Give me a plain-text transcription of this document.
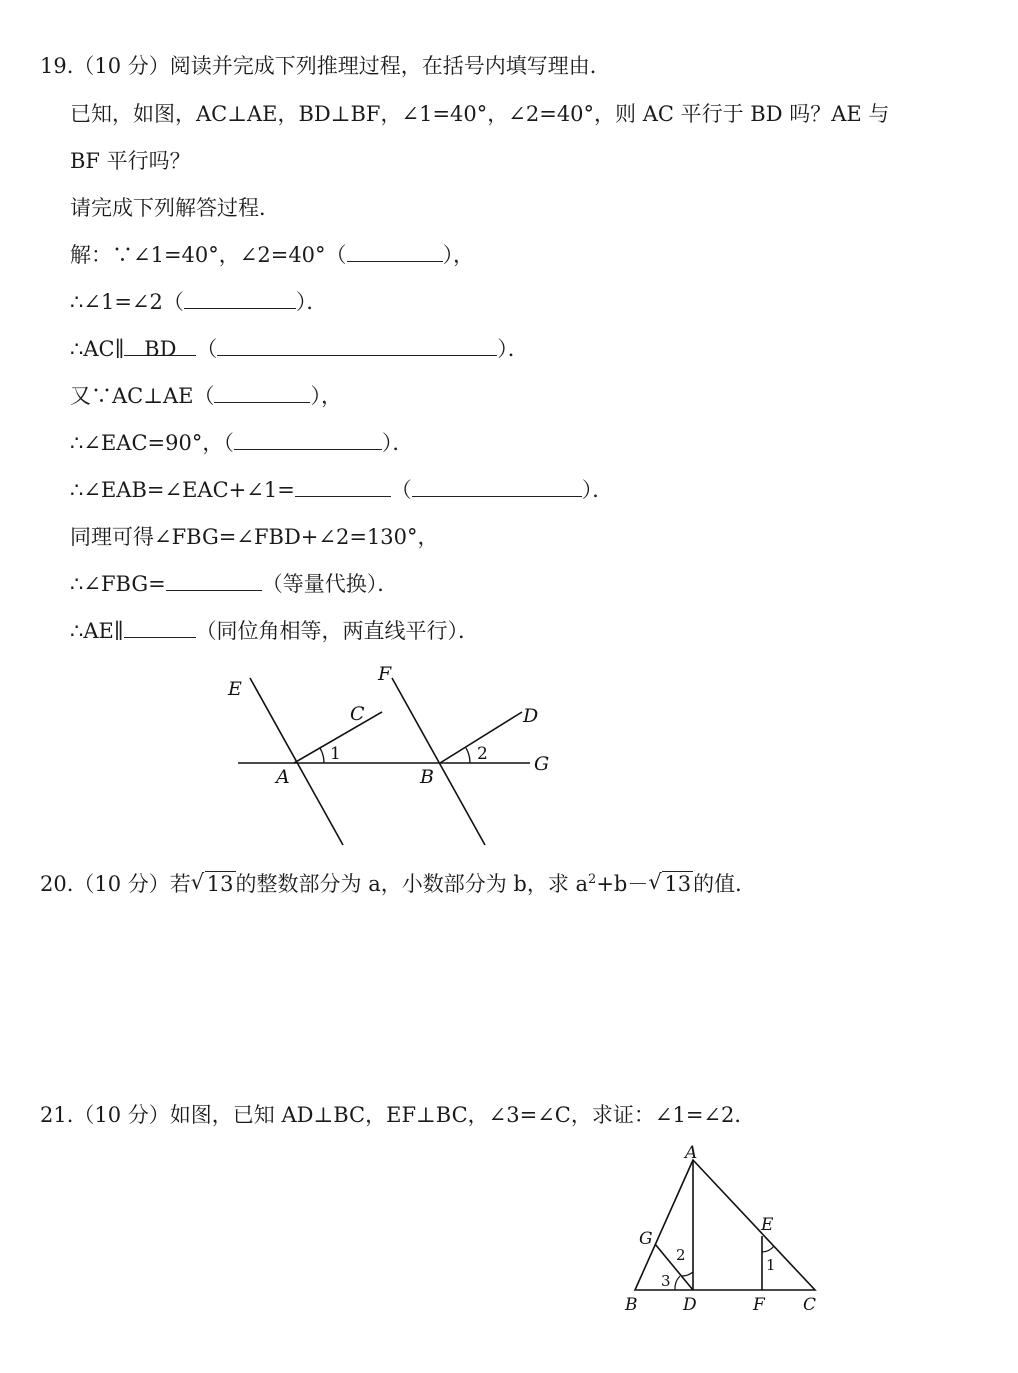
19.（10 分）阅读并完成下列推理过程，在括号内填写理由．
已知，如图，AC⊥AE，BD⊥BF，∠1=40°，∠2=40°，则 AC 平行于 BD 吗？AE 与
BF 平行吗？
请完成下列解答过程．
解：∵∠1=40°，∠2=40°（	），
∴∠1=∠2（	）．
∴AC∥ BD （	）．
又∵AC⊥AE（	），
∴∠EAC=90°，（	）．
∴∠EAB=∠EAC+∠1=	（	）．
同理可得∠FBG=∠FBD+∠2=130°，
∴∠FBG=	（等量代换）．
∴AE∥	（同位角相等，两直线平行）．
E
F
C	D
A	B
G
1	2
20.（10 分）若 √ 13的整数部分为 a，小数部分为 b，求 $a^2+b-$ √ 13的值．
21.（10 分）如图，已知 AD⊥BC，EF⊥BC，∠3=∠C，求证：∠1=∠2．
A
G
E
2
1
3
B	D	F C
